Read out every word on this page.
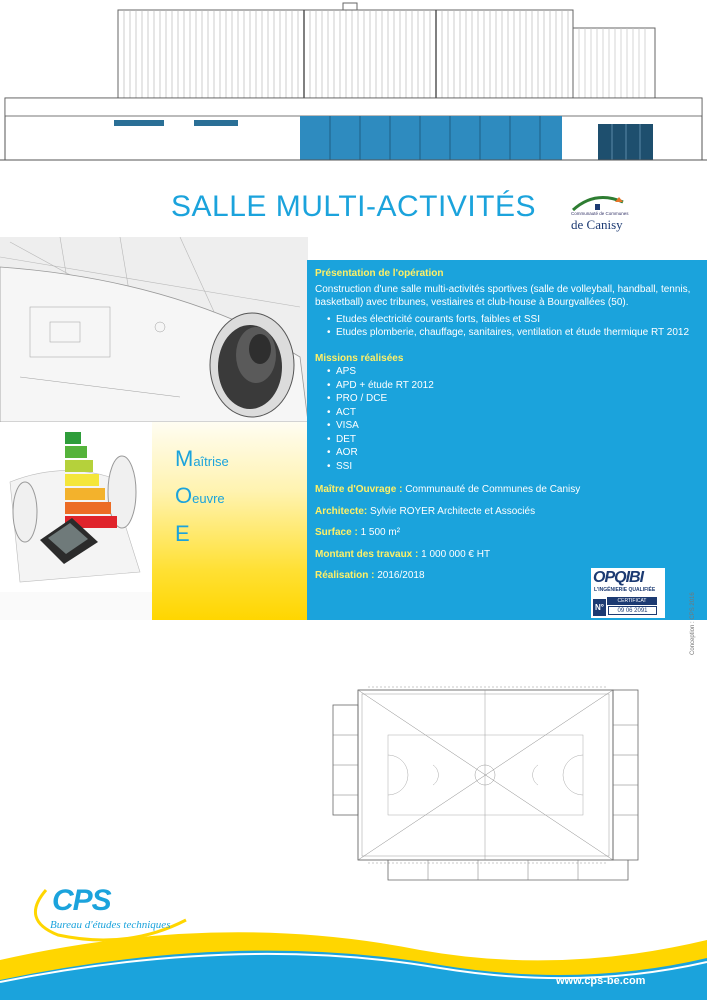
SALLE MULTI-ACTIVITÉS	Communauté de Communes
de Canisy
Maîtrise
Oeuvre
E
Présentation de l'opération
Construction d'une salle multi-activités sportives (salle de volleyball, handball, tennis, basketball) avec tribunes, vestiaires et club-house à Bourgvallées (50).
• Etudes électricité courants forts, faibles et SSI
• Etudes plomberie, chauffage, sanitaires, ventilation et étude thermique RT 2012
Missions réalisées
• APS
• APD + étude RT 2012
• PRO / DCE
• ACT
• VISA
• DET
• AOR
• SSI
Maître d'Ouvrage : Communauté de Communes de Canisy
Architecte: Sylvie ROYER Architecte et Associés
Surface : 1 500 m²
Montant des travaux : 1 000 000 € HT
Réalisation : 2016/2018	OPQIBI
L'INGÉNIERIE QUALIFIÉE
N°
CERTIFICAT
09 06 2091	Conception : CPS 2016
CPS
Bureau d'études techniques
www.cps-be.com
